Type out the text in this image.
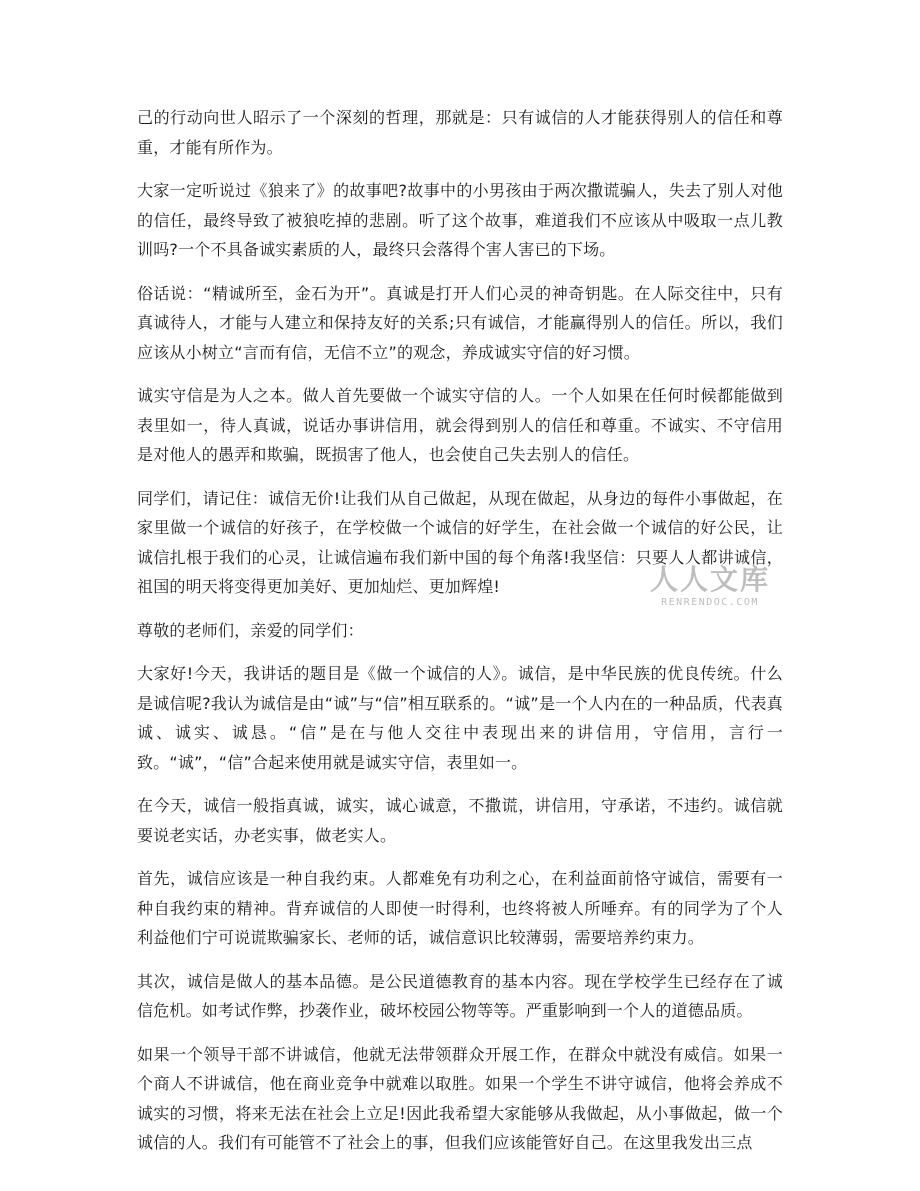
己的行动向世人昭示了一个深刻的哲理，那就是：只有诚信的人才能获得别人的信任和尊重，才能有所作为。

大家一定听说过《狼来了》的故事吧?故事中的小男孩由于两次撒谎骗人，失去了别人对他的信任，最终导致了被狼吃掉的悲剧。听了这个故事，难道我们不应该从中吸取一点儿教训吗?一个不具备诚实素质的人，最终只会落得个害人害已的下场。

俗话说：“精诚所至，金石为开”。真诚是打开人们心灵的神奇钥匙。在人际交往中，只有真诚待人，才能与人建立和保持友好的关系;只有诚信，才能赢得别人的信任。所以，我们应该从小树立“言而有信，无信不立”的观念，养成诚实守信的好习惯。

诚实守信是为人之本。做人首先要做一个诚实守信的人。一个人如果在任何时候都能做到表里如一，待人真诚，说话办事讲信用，就会得到别人的信任和尊重。不诚实、不守信用是对他人的愚弄和欺骗，既损害了他人，也会使自己失去别人的信任。

同学们，请记住：诚信无价!让我们从自己做起，从现在做起，从身边的每件小事做起，在家里做一个诚信的好孩子，在学校做一个诚信的好学生，在社会做一个诚信的好公民，让诚信扎根于我们的心灵，让诚信遍布我们新中国的每个角落!我坚信：只要人人都讲诚信，祖国的明天将变得更加美好、更加灿烂、更加辉煌!

尊敬的老师们，亲爱的同学们：

大家好!今天，我讲话的题目是《做一个诚信的人》。诚信，是中华民族的优良传统。什么是诚信呢?我认为诚信是由“诚”与“信”相互联系的。“诚”是一个人内在的一种品质，代表真诚、诚实、诚恳。“信”是在与他人交往中表现出来的讲信用，守信用，言行一致。“诚”，“信”合起来使用就是诚实守信，表里如一。

在今天，诚信一般指真诚，诚实，诚心诚意，不撒谎，讲信用，守承诺，不违约。诚信就要说老实话，办老实事，做老实人。

首先，诚信应该是一种自我约束。人都难免有功利之心，在利益面前恪守诚信，需要有一种自我约束的精神。背弃诚信的人即使一时得利，也终将被人所唾弃。有的同学为了个人利益他们宁可说谎欺骗家长、老师的话，诚信意识比较薄弱，需要培养约束力。

其次，诚信是做人的基本品德。是公民道德教育的基本内容。现在学校学生已经存在了诚信危机。如考试作弊，抄袭作业，破坏校园公物等等。严重影响到一个人的道德品质。

如果一个领导干部不讲诚信，他就无法带领群众开展工作，在群众中就没有威信。如果一个商人不讲诚信，他在商业竞争中就难以取胜。如果一个学生不讲守诚信，他将会养成不诚实的习惯，将来无法在社会上立足!因此我希望大家能够从我做起，从小事做起，做一个诚信的人。我们有可能管不了社会上的事，但我们应该能管好自己。在这里我发出三点

人人文库
RENRENDOC.COM
